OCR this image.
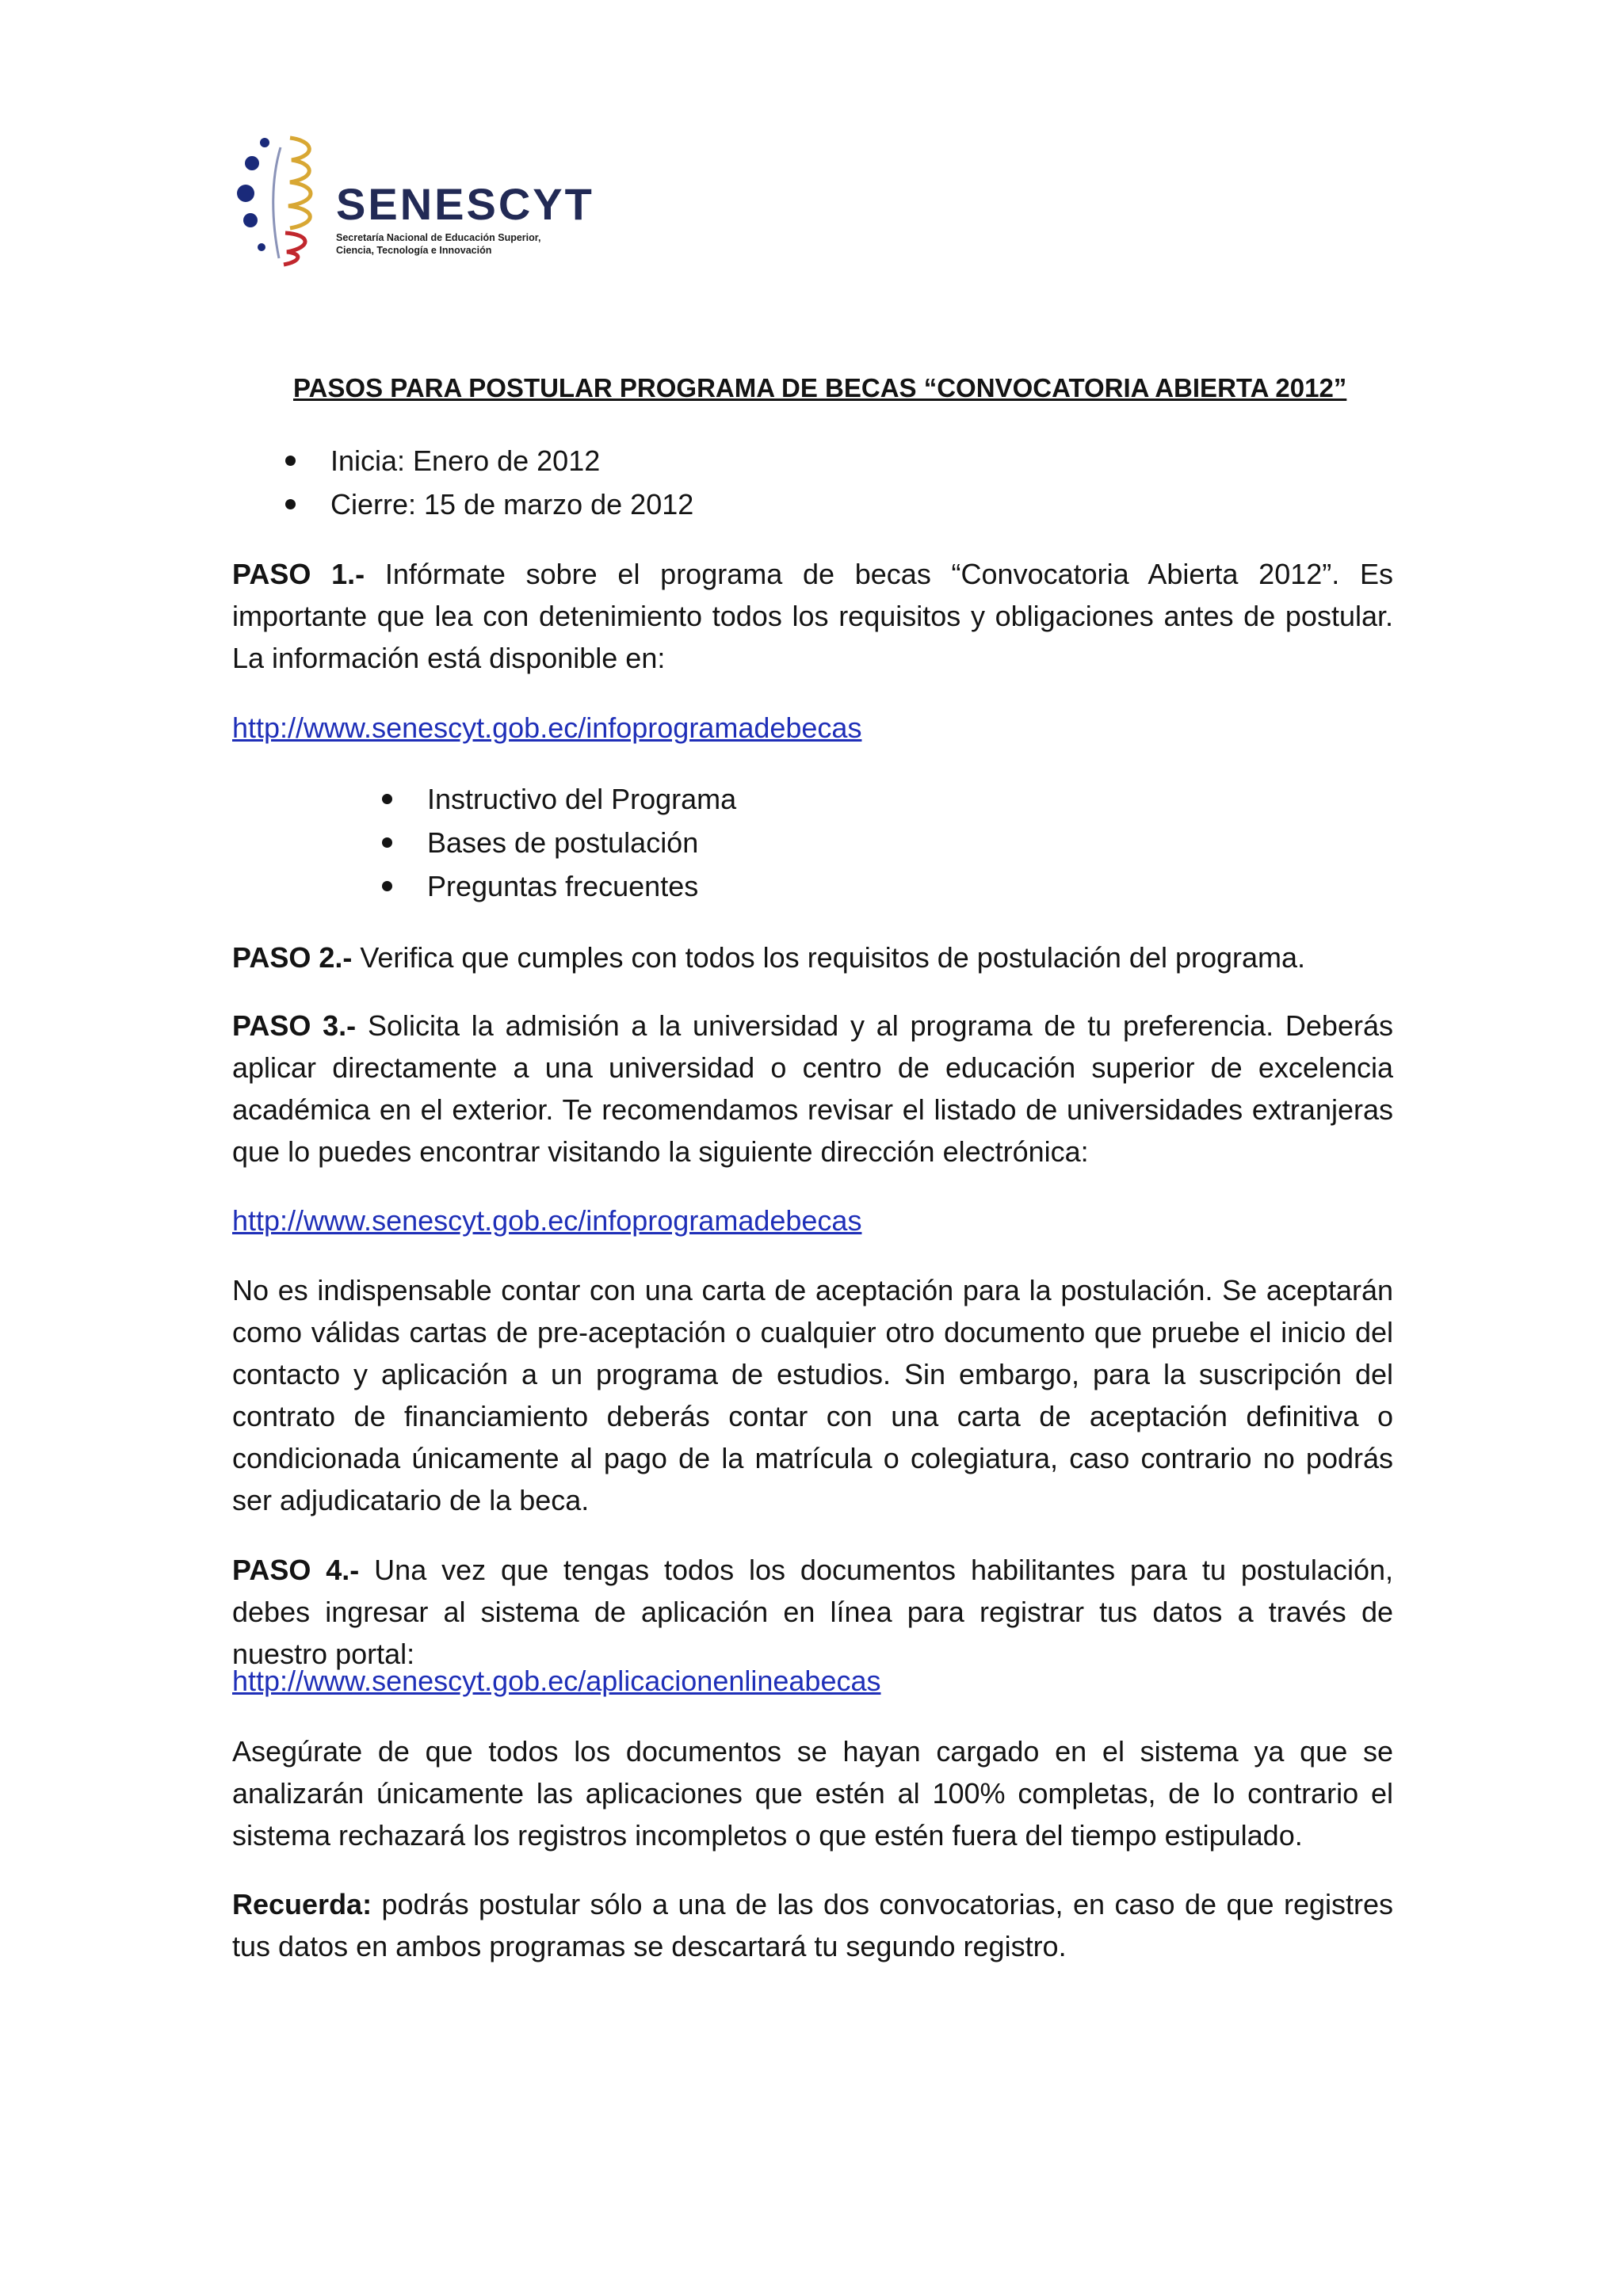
SENESCYT
Secretaría Nacional de Educación Superior,
Ciencia, Tecnología e Innovación
PASOS PARA POSTULAR PROGRAMA DE BECAS “CONVOCATORIA ABIERTA 2012”
Inicia: Enero de 2012
Cierre: 15 de marzo de 2012

PASO 1.- Infórmate sobre el programa de becas “Convocatoria Abierta 2012”. Es importante que lea con detenimiento todos los requisitos y obligaciones antes de postular. La información está disponible en:

http://www.senescyt.gob.ec/infoprogramadebecas
Instructivo del Programa
Bases de postulación
Preguntas frecuentes

PASO 2.- Verifica que cumples con todos los requisitos de postulación del programa.

PASO 3.- Solicita la admisión a la universidad y al programa de tu preferencia. Deberás aplicar directamente a una universidad o centro de educación superior de excelencia académica en el exterior. Te recomendamos revisar el listado de universidades extranjeras que lo puedes encontrar visitando la siguiente dirección electrónica:

http://www.senescyt.gob.ec/infoprogramadebecas

No es indispensable contar con una carta de aceptación para la postulación. Se aceptarán como válidas cartas de pre-aceptación o cualquier otro documento que pruebe el inicio del contacto y aplicación a un programa de estudios. Sin embargo, para la suscripción del contrato de financiamiento deberás contar con una carta de aceptación definitiva o condicionada únicamente al pago de la matrícula o colegiatura, caso contrario no podrás ser adjudicatario de la beca.

PASO 4.- Una vez que tengas todos los documentos habilitantes para tu postulación, debes ingresar al sistema de aplicación en línea para registrar tus datos a través de nuestro portal:

http://www.senescyt.gob.ec/aplicacionenlineabecas

Asegúrate de que todos los documentos se hayan cargado en el sistema ya que se analizarán únicamente las aplicaciones que estén al 100% completas, de lo contrario el sistema rechazará los registros incompletos o que estén fuera del tiempo estipulado.

Recuerda: podrás postular sólo a una de las dos convocatorias, en caso de que registres tus datos en ambos programas se descartará tu segundo registro.
